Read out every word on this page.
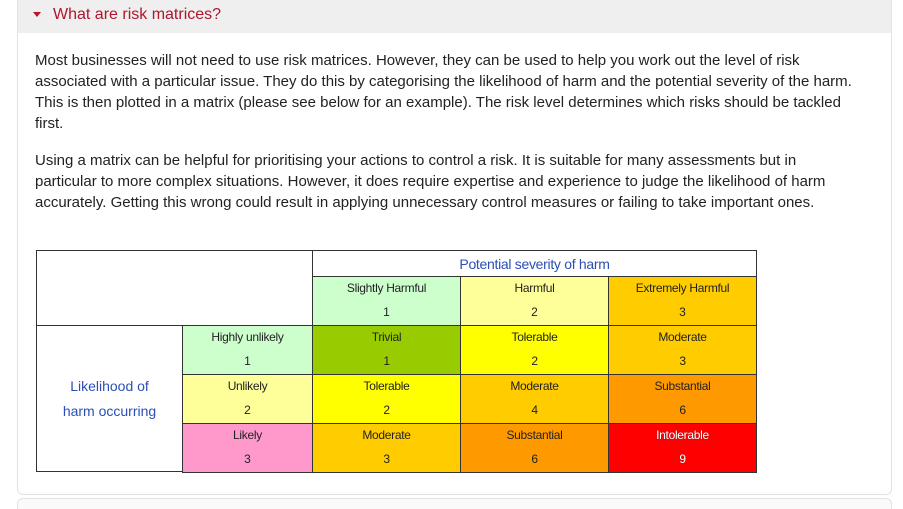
What are risk matrices?

Most businesses will not need to use risk matrices. However, they can be used to help you work out the level of risk associated with a particular issue. They do this by categorising the likelihood of harm and the potential severity of the harm. This is then plotted in a matrix (please see below for an example). The risk level determines which risks should be tackled first.

Using a matrix can be helpful for prioritising your actions to control a risk. It is suitable for many assessments but in particular to more complex situations. However, it does require expertise and experience to judge the likelihood of harm accurately. Getting this wrong could result in applying unnecessary control measures or failing to take important ones.

Potential severity of harm
Likelihood of harm occurring
Slightly Harmful
1
Harmful
2
Extremely Harmful
3
Highly unlikely
1
Unlikely
2
Likely
3
Trivial
1
Tolerable
2
Moderate
3
Tolerable
2
Moderate
4
Substantial
6
Moderate
3
Substantial
6
Intolerable
9
